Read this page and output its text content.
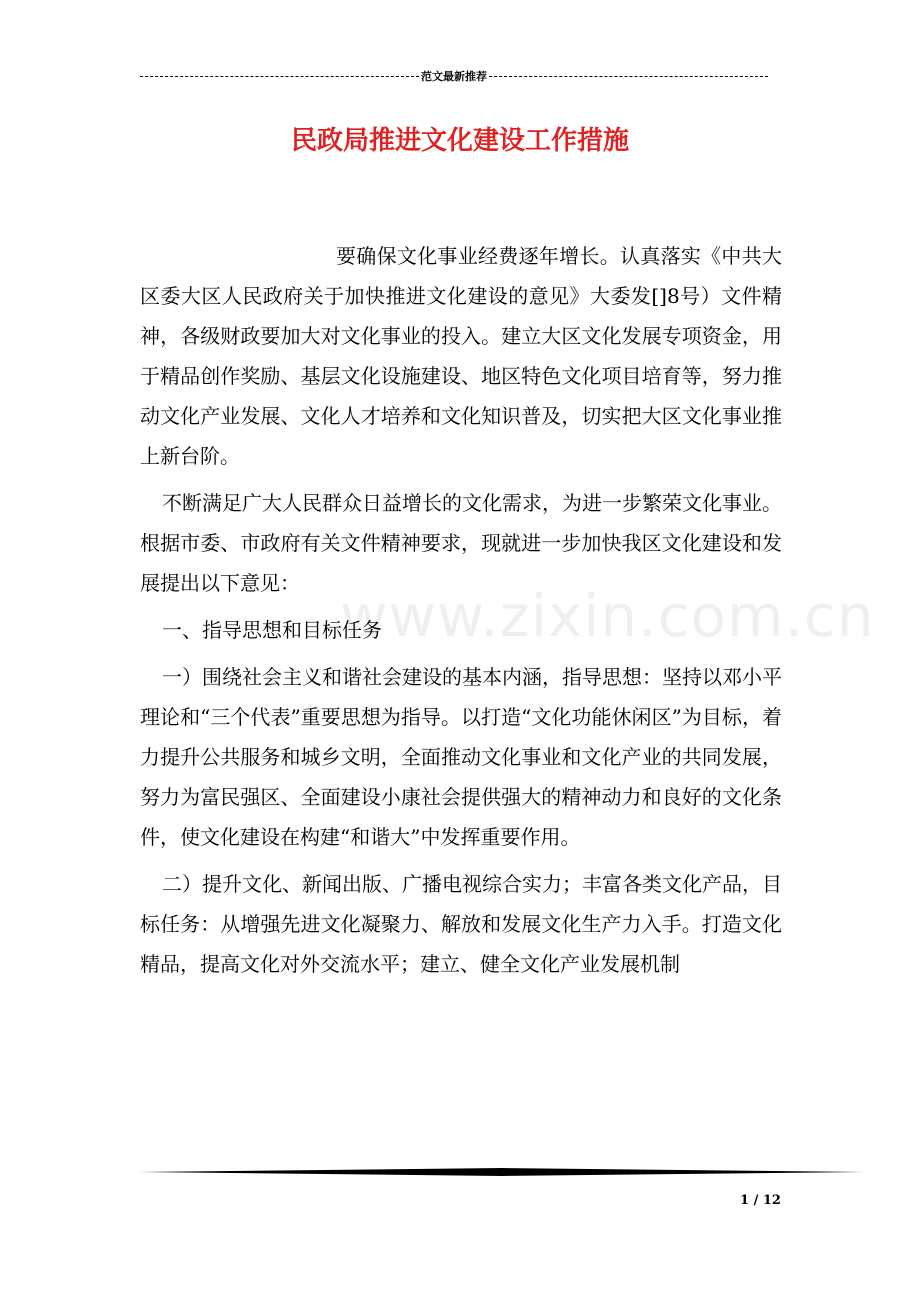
范文最新推荐
民政局推进文化建设工作措施
www.zixin.com.cn

要确保文化事业经费逐年增长。认真落实《中共大区委大区人民政府关于加快推进文化建设的意见》大委发[]8号）文件精神，各级财政要加大对文化事业的投入。建立大区文化发展专项资金，用于精品创作奖励、基层文化设施建设、地区特色文化项目培育等，努力推动文化产业发展、文化人才培养和文化知识普及，切实把大区文化事业推上新台阶。

不断满足广大人民群众日益增长的文化需求，为进一步繁荣文化事业。根据市委、市政府有关文件精神要求，现就进一步加快我区文化建设和发展提出以下意见：

一、指导思想和目标任务

一）围绕社会主义和谐社会建设的基本内涵，指导思想：坚持以邓小平理论和“三个代表”重要思想为指导。以打造“文化功能休闲区”为目标，着力提升公共服务和城乡文明，全面推动文化事业和文化产业的共同发展，努力为富民强区、全面建设小康社会提供强大的精神动力和良好的文化条件，使文化建设在构建“和谐大”中发挥重要作用。

二）提升文化、新闻出版、广播电视综合实力；丰富各类文化产品，目标任务：从增强先进文化凝聚力、解放和发展文化生产力入手。打造文化精品，提高文化对外交流水平；建立、健全文化产业发展机制

1 / 12
